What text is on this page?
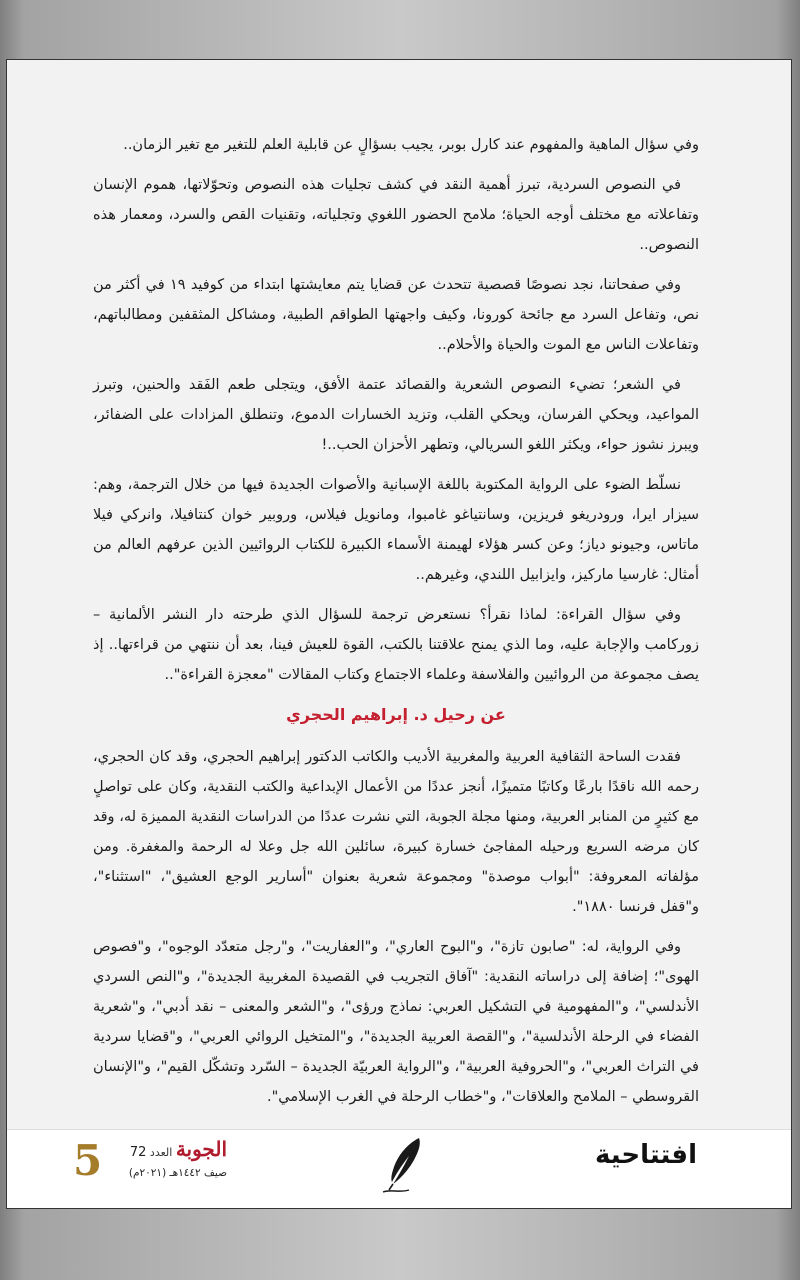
وفي سؤال الماهية والمفهوم عند كارل بوبر، يجيب بسؤالٍ عن قابلية العلم للتغير مع تغير الزمان..

في النصوص السردية، تبرز أهمية النقد في كشف تجليات هذه النصوص وتحوّلاتها، هموم الإنسان وتفاعلاته مع مختلف أوجه الحياة؛ ملامح الحضور اللغوي وتجلياته، وتقنيات القص والسرد، ومعمار هذه النصوص..

وفي صفحاتنا، نجد نصوصًا قصصية تتحدث عن قضايا يتم معايشتها ابتداء من كوفيد ١٩ في أكثر من نص، وتفاعل السرد مع جائحة كورونا، وكيف واجهتها الطواقم الطبية، ومشاكل المثقفين ومطالباتهم، وتفاعلات الناس مع الموت والحياة والأحلام..

في الشعر؛ تضيء النصوص الشعرية والقصائد عتمة الأفق، ويتجلى طعم الفَقد والحنين، وتبرز المواعيد، ويحكي الفرسان، ويحكي القلب، وتزيد الخسارات الدموع، وتنطلق المزادات على الضفائر، ويبرز نشوز حواء، ويكثر اللغو السريالي، وتطهر الأحزان الحب..!

نسلّط الضوء على الرواية المكتوبة باللغة الإسبانية والأصوات الجديدة فيها من خلال الترجمة، وهم: سيزار ايرا، ورودريغو فريزين، وسانتياغو غامبوا، ومانويل فيلاس، وروبير خوان كنتافيلا، وانركي فيلا ماتاس، وجيونو دياز؛ وعن كسر هؤلاء لهيمنة الأسماء الكبيرة للكتاب الروائيين الذين عرفهم العالم من أمثال: غارسيا ماركيز، وايزابيل اللندي، وغيرهم..

وفي سؤال القراءة: لماذا نقرأ؟ نستعرض ترجمة للسؤال الذي طرحته دار النشر الألمانية – زوركامب والإجابة عليه، وما الذي يمنح علاقتنا بالكتب، القوة للعيش فينا، بعد أن ننتهي من قراءتها.. إذ يصف مجموعة من الروائيين والفلاسفة وعلماء الاجتماع وكتاب المقالات "معجزة القراءة"..

عن رحيل د. إبراهيم الحجري

فقدت الساحة الثقافية العربية والمغربية الأديب والكاتب الدكتور إبراهيم الحجري، وقد كان الحجري، رحمه الله ناقدًا بارعًا وكاتبًا متميزًا، أنجز عددًا من الأعمال الإبداعية والكتب النقدية، وكان على تواصلٍ مع كثيرٍ من المنابر العربية، ومنها مجلة الجوبة، التي نشرت عددًا من الدراسات النقدية المميزة له، وقد كان مرضه السريع ورحيله المفاجئ خسارة كبيرة، سائلين الله جل وعلا له الرحمة والمغفرة. ومن مؤلفاته المعروفة: "أبواب موصدة" ومجموعة شعرية بعنوان "أسارير الوجع العشيق"، "استثناء"، و"قفل فرنسا ١٨٨٠".

وفي الرواية، له: "صابون تازة"، و"البوح العاري"، و"العفاريت"، و"رجل متعدّد الوجوه"، و"فصوص الهوى"؛ إضافة إلى دراساته النقدية: "آفاق التجريب في القصيدة المغربية الجديدة"، و"النص السردي الأندلسي"، و"المفهومية في التشكيل العربي: نماذج ورؤى"، و"الشعر والمعنى – نقد أدبي"، و"شعرية الفضاء في الرحلة الأندلسية"، و"القصة العربية الجديدة"، و"المتخيل الروائي العربي"، و"قضايا سردية في التراث العربي"، و"الحروفية العربية"، و"الرواية العربيّة الجديدة – السّرد وتشكّل القيم"، و"الإنسان القروسطي – الملامح والعلاقات"، و"خطاب الرحلة في الغرب الإسلامي".

افتتاحية
الجوبة العدد 72
صيف ١٤٤٢هـ (٢٠٢١م)
5
